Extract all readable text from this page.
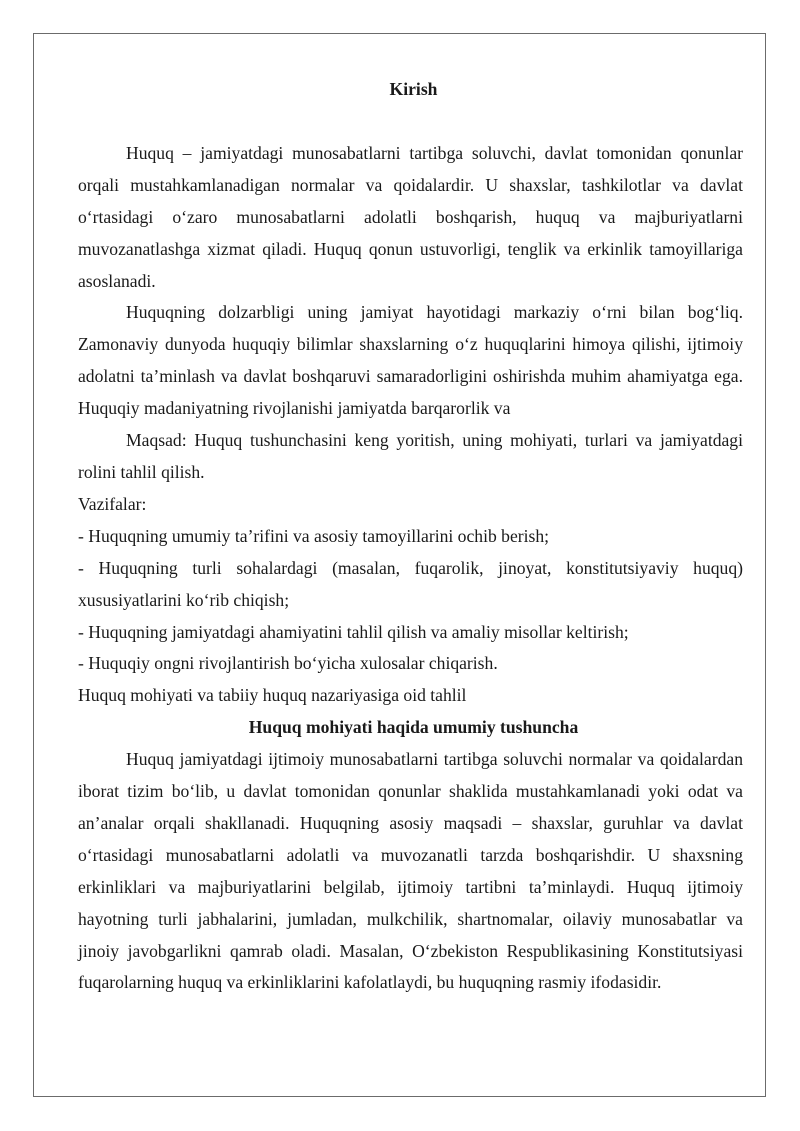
Kirish

Huquq – jamiyatdagi munosabatlarni tartibga soluvchi, davlat tomonidan qonunlar orqali mustahkamlanadigan normalar va qoidalardir. U shaxslar, tashkilotlar va davlat o‘rtasidagi o‘zaro munosabatlarni adolatli boshqarish, huquq va majburiyatlarni muvozanatlashga xizmat qiladi. Huquq qonun ustuvorligi, tenglik va erkinlik tamoyillariga asoslanadi.

Huquqning dolzarbligi uning jamiyat hayotidagi markaziy o‘rni bilan bog‘liq. Zamonaviy dunyoda huquqiy bilimlar shaxslarning o‘z huquqlarini himoya qilishi, ijtimoiy adolatni ta’minlash va davlat boshqaruvi samaradorligini oshirishda muhim ahamiyatga ega. Huquqiy madaniyatning rivojlanishi jamiyatda barqarorlik va

Maqsad: Huquq tushunchasini keng yoritish, uning mohiyati, turlari va jamiyatdagi rolini tahlil qilish.

Vazifalar:

- Huquqning umumiy ta’rifini va asosiy tamoyillarini ochib berish;

- Huquqning turli sohalardagi (masalan, fuqarolik, jinoyat, konstitutsiyaviy huquq) xususiyatlarini ko‘rib chiqish;

- Huquqning jamiyatdagi ahamiyatini tahlil qilish va amaliy misollar keltirish;

- Huquqiy ongni rivojlantirish bo‘yicha xulosalar chiqarish.

Huquq mohiyati va tabiiy huquq nazariyasiga oid tahlil

Huquq mohiyati haqida umumiy tushuncha

Huquq jamiyatdagi ijtimoiy munosabatlarni tartibga soluvchi normalar va qoidalardan iborat tizim bo‘lib, u davlat tomonidan qonunlar shaklida mustahkamlanadi yoki odat va an’analar orqali shakllanadi. Huquqning asosiy maqsadi – shaxslar, guruhlar va davlat o‘rtasidagi munosabatlarni adolatli va muvozanatli tarzda boshqarishdir. U shaxsning erkinliklari va majburiyatlarini belgilab, ijtimoiy tartibni ta’minlaydi. Huquq ijtimoiy hayotning turli jabhalarini, jumladan, mulkchilik, shartnomalar, oilaviy munosabatlar va jinoiy javobgarlikni qamrab oladi. Masalan, O‘zbekiston Respublikasining Konstitutsiyasi fuqarolarning huquq va erkinliklarini kafolatlaydi, bu huquqning rasmiy ifodasidir.
